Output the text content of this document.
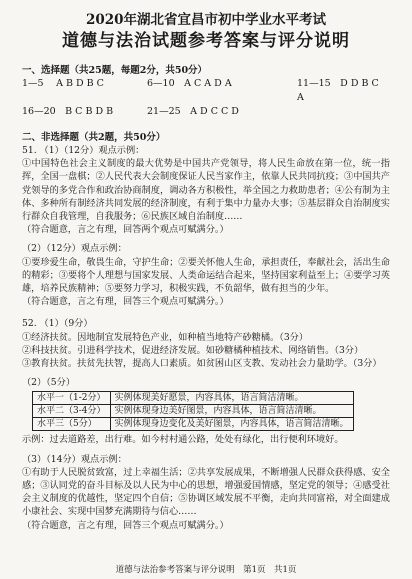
2020年湖北省宜昌市初中学业水平考试
道德与法治试题参考答案与评分说明
一、选择题（共25题，每题2分，共50分）
1—5　 A B D B C	6—10　A C A D A	11—15　D D B C A
16—20　B C B D B	21—25　A D C C D
二、非选择题（共2题，共50分）

51. （1）（12分）观点示例：

①中国特色社会主义制度的最大优势是中国共产党领导，将人民生命放在第一位，统一指挥，全国一盘棋；②人民代表大会制度保证人民当家作主，依靠人民共同抗疫；③中国共产党领导的多党合作和政治协商制度，调动各方积极性，举全国之力救助患者；④公有制为主体、多种所有制经济共同发展的经济制度，有利于集中力量办大事；⑤基层群众自治制度实行群众自我管理，自我服务；⑥民族区域自治制度……

（符合题意，言之有理，回答两个观点可赋满分。）

（2）（12分）观点示例：

①要珍爱生命，敬畏生命，守护生命；②要关怀他人生命，承担责任，奉献社会，活出生命的精彩；③要将个人理想与国家发展、人类命运结合起来，坚持国家利益至上；④要学习英雄，培养民族精神；⑤要努力学习，积极实践，不负韶华，做有担当的少年。

（符合题意，言之有理，回答三个观点可赋满分。）

52. （1）（9分）

①经济扶贫。因地制宜发展特色产业，如种植当地特产砂糖橘。（3分）

②科技扶贫。引进科学技术，促进经济发展。如砂糖橘种植技术、网络销售。（3分）

③教育扶贫。扶贫先扶智，提高人口素质。如贫困山区支教、发动社会力量助学。（3分）

（2）（5分）

水平一（1-2分）	实例体现美好愿景，内容具体，语言简洁清晰。
水平二（3-4分）	实例体现身边美好图景，内容具体，语言简洁清晰。
水平三（5分）	实例体现身边变化及美好图景，内容具体，语言简洁清晰。

示例：过去道路差，出行难。如今村村通公路，处处有绿化，出行便利环境好。

（3）（14分）观点示例：

①有助于人民脱贫致富，过上幸福生活；②共享发展成果，不断增强人民群众获得感、安全感；③认同党的奋斗目标及以人民为中心的思想，增强爱国情感，坚定党的领导；④感受社会主义制度的优越性，坚定四个自信；⑤协调区域发展不平衡，走向共同富裕，对全面建成小康社会、实现中国梦充满期待与信心……

（符合题意，言之有理，回答三个观点可赋满分。）

道德与法治参考答案与评分说明　第1页　共1页
